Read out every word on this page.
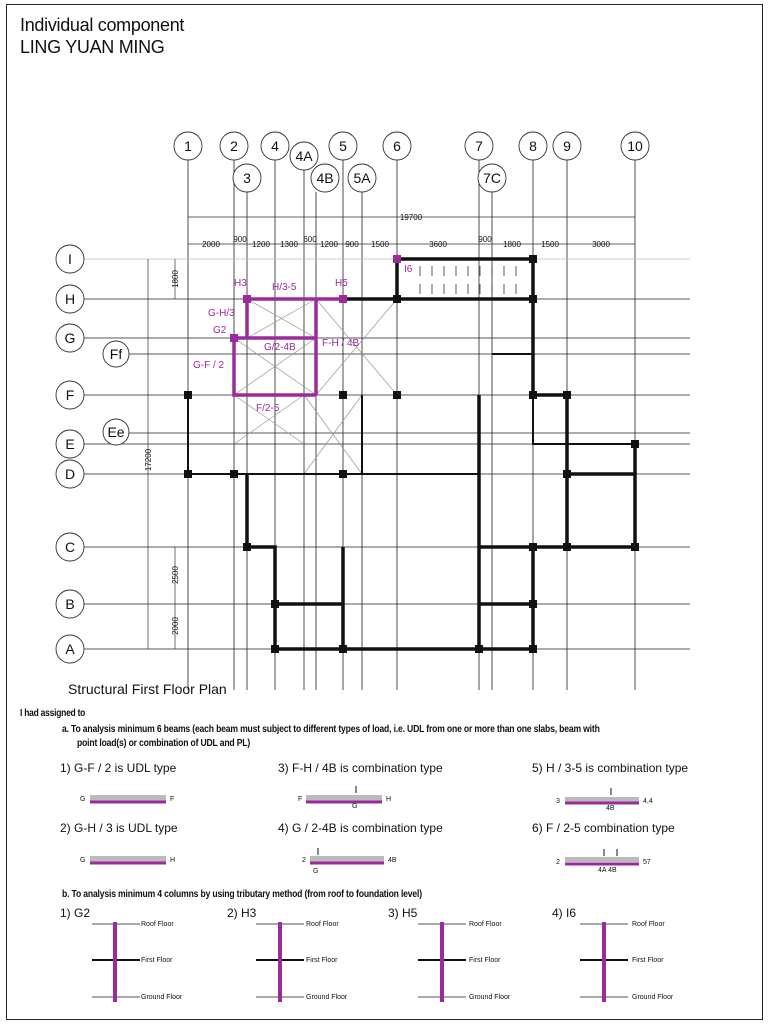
Individual component
LING YUAN MING
1	2 4	5	6	7	8 9	10
4A
3	4B 5A	7C
I
H
G
F
E
D
C
B
A
Ff
Ee
19700
2000
900
1200 1300
600
1200 900 1500	3600
900
1800	1500	3000
1800
17200
2500
2000
I6
H3	H/3-5	H5
G-H/3
G2
G/2-4B	F-H / 4B
G-F / 2
F/2-5
Structural First Floor Plan
I had assigned to
a. To analysis minimum 6 beams (each beam must subject to different types of load, i.e. UDL from one or more than one slabs, beam with
point load(s) or combination of UDL and PL)
1) G-F / 2 is UDL type	3) F-H / 4B is combination type	5) H / 3-5 is combination type
2) G-H / 3 is UDL type	4) G / 2-4B is combination type	6) F / 2-5 combination type
G	F	F	H
G
3	4,4
4B
G	H	2	4B
G
2	57
4A 4B
b. To analysis minimum 4 columns by using tributary method (from roof to foundation level)
1) G2	2) H3	3) H5	4) I6
Roof Floor
First Floor
Ground Floor
Roof Floor
First Floor
Ground Floor
Roof Floor
First Floor
Ground Floor
Roof Floor
First Floor
Ground Floor
